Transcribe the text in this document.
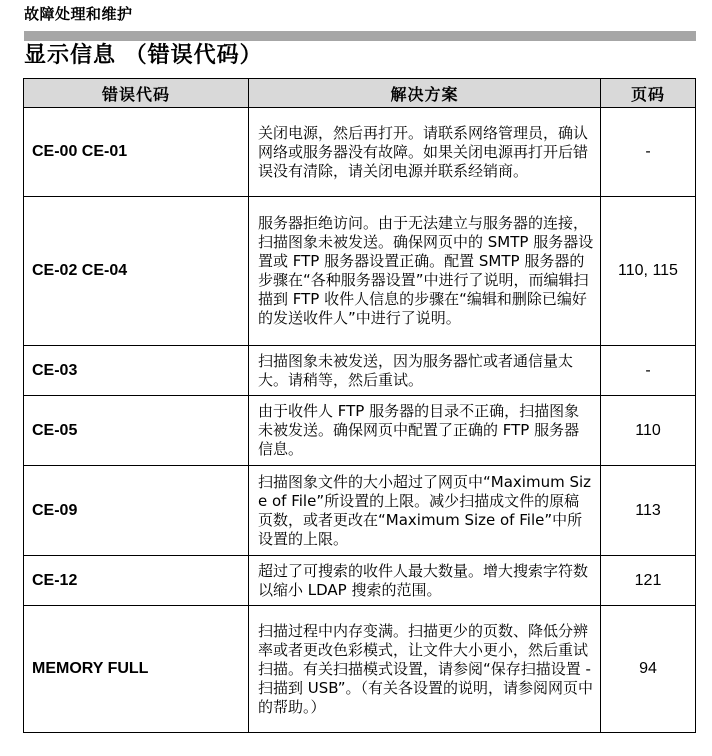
故障处理和维护
显示信息 （错误代码）
错误代码	解决方案	页码
CE-00 CE-01	关闭电源，然后再打开。请联系网络管理员，确认网络或服务器没有故障。如果关闭电源再打开后错误没有清除，请关闭电源并联系经销商。	-
CE-02 CE-04	服务器拒绝访问。由于无法建立与服务器的连接，扫描图象未被发送。确保网页中的 SMTP 服务器设置或 FTP 服务器设置正确。配置 SMTP 服务器的步骤在“各种服务器设置”中进行了说明，而编辑扫描到 FTP 收件人信息的步骤在“编辑和删除已编好的发送收件人”中进行了说明。	110, 115
CE-03	扫描图象未被发送，因为服务器忙或者通信量太大。请稍等，然后重试。	-
CE-05	由于收件人 FTP 服务器的目录不正确，扫描图象未被发送。确保网页中配置了正确的 FTP 服务器信息。	110
CE-09	扫描图象文件的大小超过了网页中“Maximum Size of File”所设置的上限。减少扫描成文件的原稿页数，或者更改在“Maximum Size of File”中所设置的上限。	113
CE-12	超过了可搜索的收件人最大数量。增大搜索字符数以缩小 LDAP 搜索的范围。	121
MEMORY FULL	扫描过程中内存变满。扫描更少的页数、降低分辨率或者更改色彩模式，让文件大小更小，然后重试扫描。有关扫描模式设置，请参阅“保存扫描设置 - 扫描到 USB”。（有关各设置的说明，请参阅网页中的帮助。）	94
